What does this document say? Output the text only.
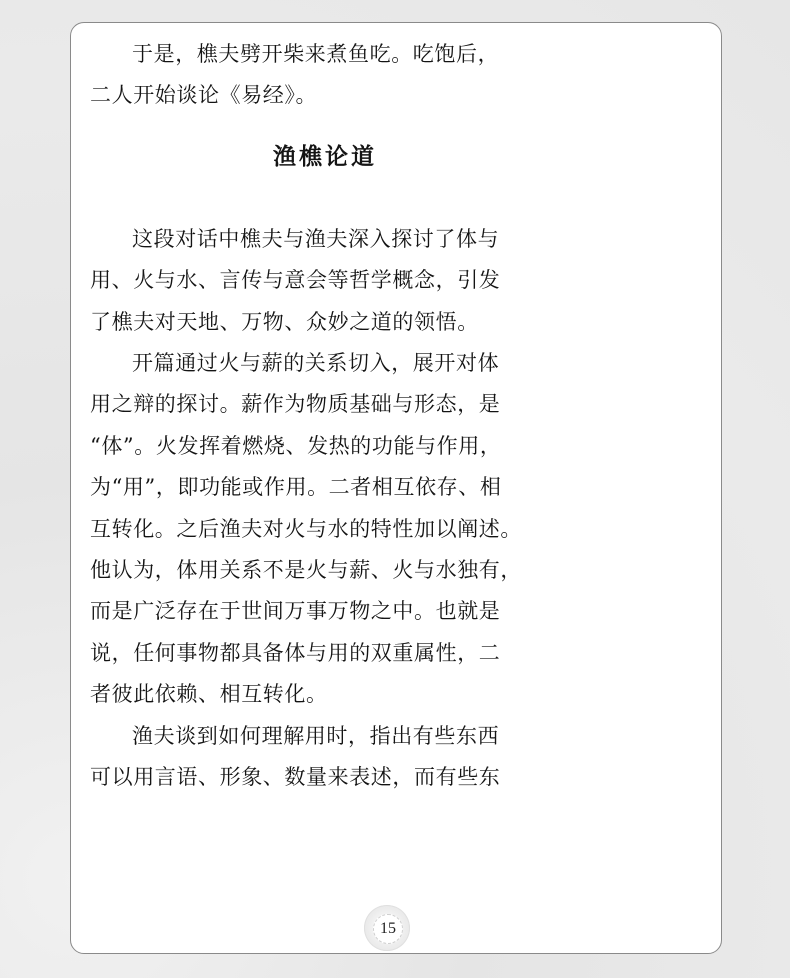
于是，樵夫劈开柴来煮鱼吃。吃饱后，
二人开始谈论《易经》。
渔樵论道
这段对话中樵夫与渔夫深入探讨了体与
用、火与水、言传与意会等哲学概念，引发
了樵夫对天地、万物、众妙之道的领悟。
开篇通过火与薪的关系切入，展开对体
用之辩的探讨。薪作为物质基础与形态，是
“体”。火发挥着燃烧、发热的功能与作用，
为“用”，即功能或作用。二者相互依存、相
互转化。之后渔夫对火与水的特性加以阐述。
他认为，体用关系不是火与薪、火与水独有，
而是广泛存在于世间万事万物之中。也就是
说，任何事物都具备体与用的双重属性，二
者彼此依赖、相互转化。
渔夫谈到如何理解用时，指出有些东西
可以用言语、形象、数量来表述，而有些东
15
